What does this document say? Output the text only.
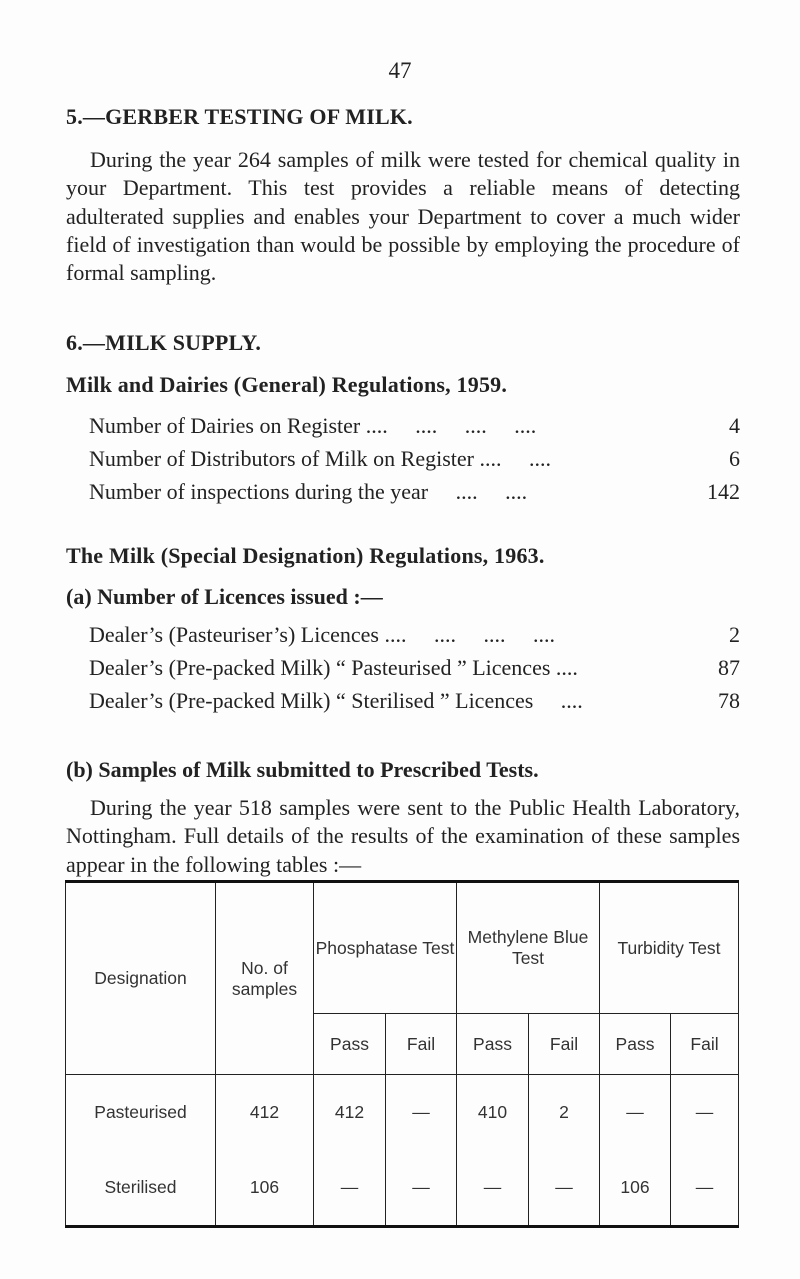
47
5.—GERBER TESTING OF MILK.
During the year 264 samples of milk were tested for chemical quality in your Department. This test provides a reliable means of detecting adulterated supplies and enables your Department to cover a much wider field of investigation than would be possible by employing the procedure of formal sampling.
6.—MILK SUPPLY.
Milk and Dairies (General) Regulations, 1959.
Number of Dairies on Register ....     ....     ....     ....	4
Number of Distributors of Milk on Register ....     ....	6
Number of inspections during the year     ....     ....	142
The Milk (Special Designation) Regulations, 1963.
(a) Number of Licences issued :—
Dealer’s (Pasteuriser’s) Licences ....     ....     ....     ....	2
Dealer’s (Pre-packed Milk) “ Pasteurised ” Licences ....	87
Dealer’s (Pre-packed Milk) “ Sterilised ” Licences     ....	78
(b) Samples of Milk submitted to Prescribed Tests.
During the year 518 samples were sent to the Public Health Laboratory, Nottingham. Full details of the results of the examination of these samples appear in the following tables :—
Designation	No. of samples	Phosphatase Test		Methylene Blue Test		Turbidity Test	
		Pass	Fail	Pass	Fail	Pass	Fail
Pasteurised	412	412	—	410	2	—	—
Sterilised	106	—	—	—	—	106	—
